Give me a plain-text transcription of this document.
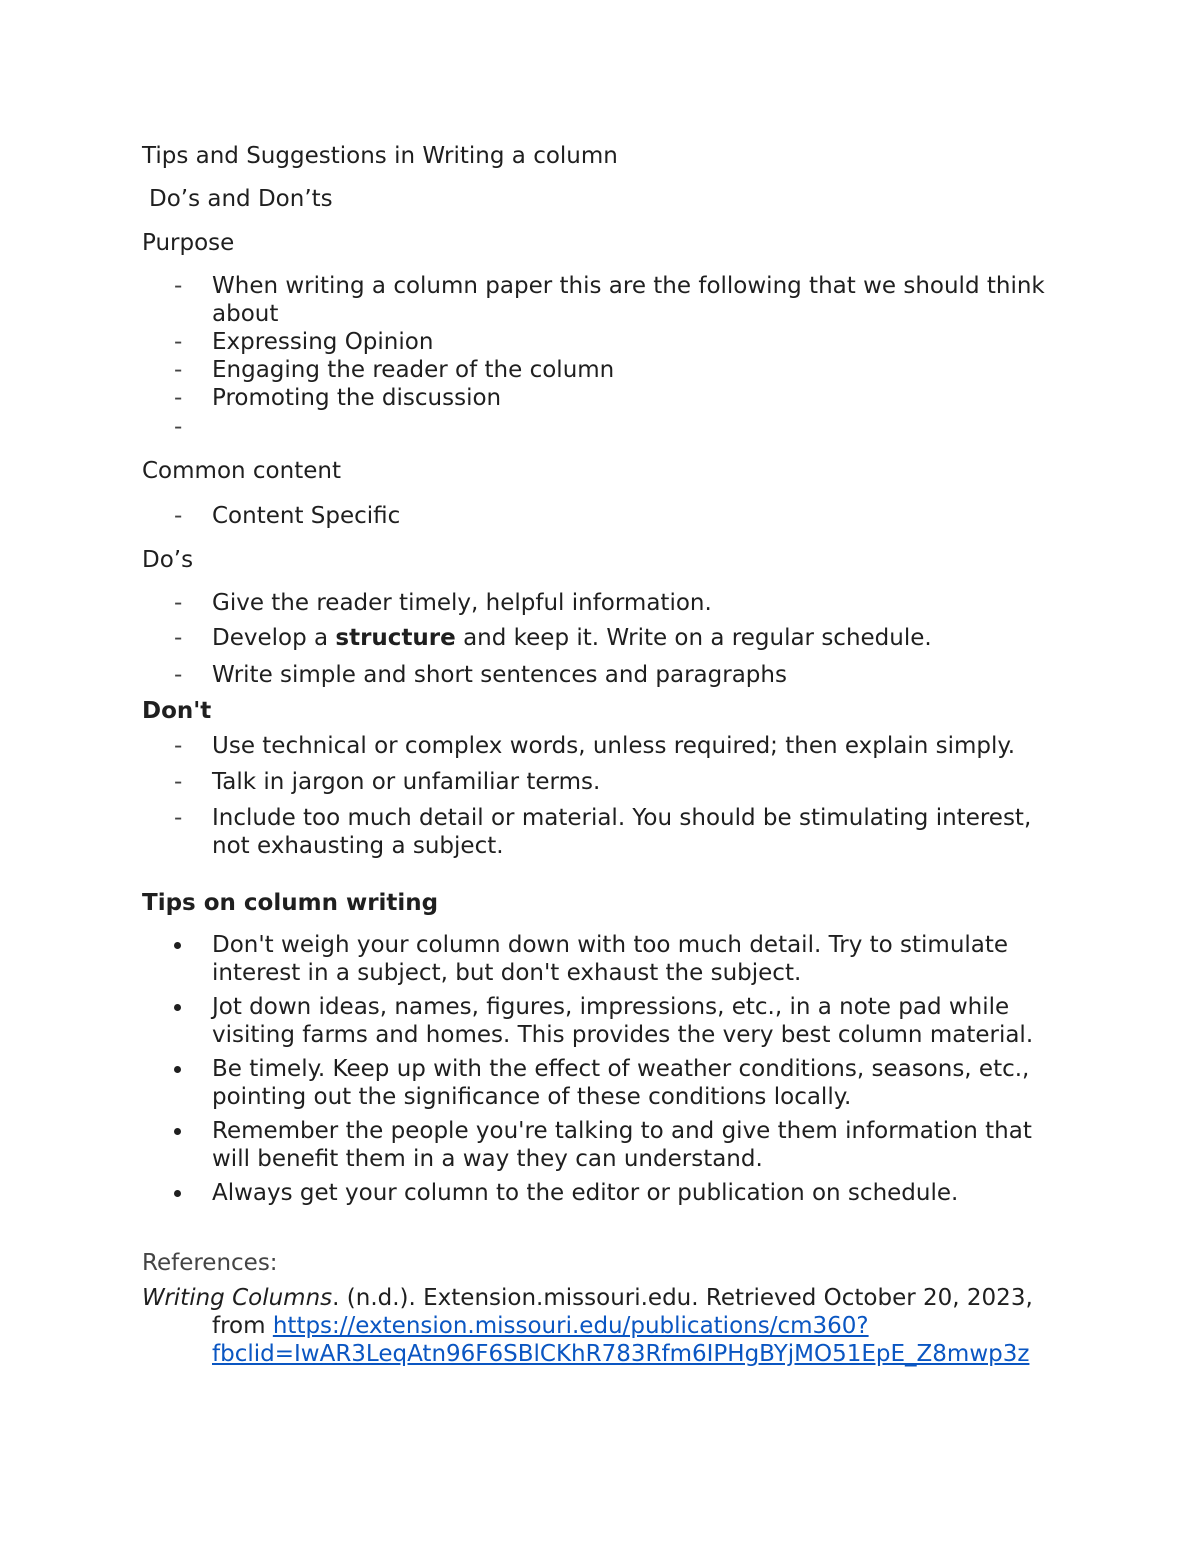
Tips and Suggestions in Writing a column
Do’s and Don’ts
Purpose
-	When writing a column paper this are the following that we should think about
-	Expressing Opinion
-	Engaging the reader of the column
-	Promoting the discussion
-
Common content
-	Content Specific
Do’s
-	Give the reader timely, helpful information.
-	Develop a structure and keep it. Write on a regular schedule.
-	Write simple and short sentences and paragraphs
Don't
-	Use technical or complex words, unless required; then explain simply.
-	Talk in jargon or unfamiliar terms.
-	Include too much detail or material. You should be stimulating interest, not exhausting a subject.
Tips on column writing
Don't weigh your column down with too much detail. Try to stimulate interest in a subject, but don't exhaust the subject.
Jot down ideas, names, figures, impressions, etc., in a note pad while visiting farms and homes. This provides the very best column material.
Be timely. Keep up with the effect of weather conditions, seasons, etc., pointing out the significance of these conditions locally.
Remember the people you're talking to and give them information that will benefit them in a way they can understand.
Always get your column to the editor or publication on schedule.
References:
Writing Columns. (n.d.). Extension.missouri.edu. Retrieved October 20, 2023,
from https://extension.missouri.edu/publications/cm360?
fbclid=IwAR3LeqAtn96F6SBlCKhR783Rfm6IPHgBYjMO51EpE_Z8mwp3z
